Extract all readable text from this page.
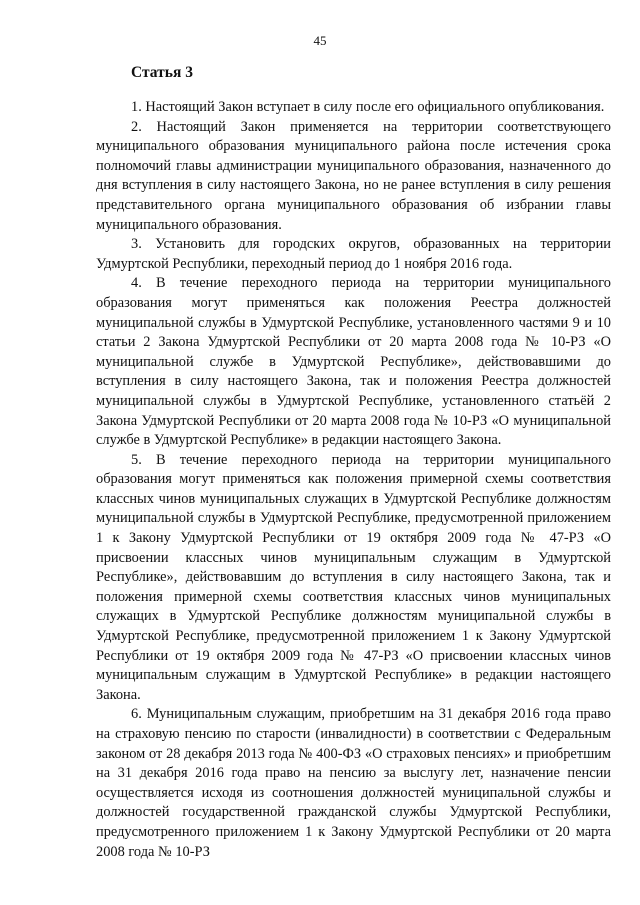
45
Статья 3

1. Настоящий Закон вступает в силу после его официального опубликования.

2. Настоящий Закон применяется на территории соответствующего муниципального образования муниципального района после истечения срока полномочий главы администрации муниципального образования, назначенного до дня вступления в силу настоящего Закона, но не ранее вступления в силу решения представительного органа муниципального образования об избрании главы муниципального образования.

3. Установить для городских округов, образованных на территории Удмуртской Республики, переходный период до 1 ноября 2016 года.

4. В течение переходного периода на территории муниципального образования могут применяться как положения Реестра должностей муниципальной службы в Удмуртской Республике, установленного частями 9 и 10 статьи 2 Закона Удмуртской Республики от 20 марта 2008 года № 10-РЗ «О муниципальной службе в Удмуртской Республике», действовавшими до вступления в силу настоящего Закона, так и положения Реестра должностей муниципальной службы в Удмуртской Республике, установленного статьёй 2 Закона Удмуртской Республики от 20 марта 2008 года № 10-РЗ «О муниципальной службе в Удмуртской Республике» в редакции настоящего Закона.

5. В течение переходного периода на территории муниципального образования могут применяться как положения примерной схемы соответствия классных чинов муниципальных служащих в Удмуртской Республике должностям муниципальной службы в Удмуртской Республике, предусмотренной приложением 1 к Закону Удмуртской Республики от 19 октября 2009 года № 47-РЗ «О присвоении классных чинов муниципальным служащим в Удмуртской Республике», действовавшим до вступления в силу настоящего Закона, так и положения примерной схемы соответствия классных чинов муниципальных служащих в Удмуртской Республике должностям муниципальной службы в Удмуртской Республике, предусмотренной приложением 1 к Закону Удмуртской Республики от 19 октября 2009 года № 47-РЗ «О присвоении классных чинов муниципальным служащим в Удмуртской Республике» в редакции настоящего Закона.

6. Муниципальным служащим, приобретшим на 31 декабря 2016 года право на страховую пенсию по старости (инвалидности) в соответствии с Федеральным законом от 28 декабря 2013 года № 400-ФЗ «О страховых пенсиях» и приобретшим на 31 декабря 2016 года право на пенсию за выслугу лет, назначение пенсии осуществляется исходя из соотношения должностей муниципальной службы и должностей государственной гражданской службы Удмуртской Республики, предусмотренного приложением 1 к Закону Удмуртской Республики от 20 марта 2008 года № 10-РЗ
